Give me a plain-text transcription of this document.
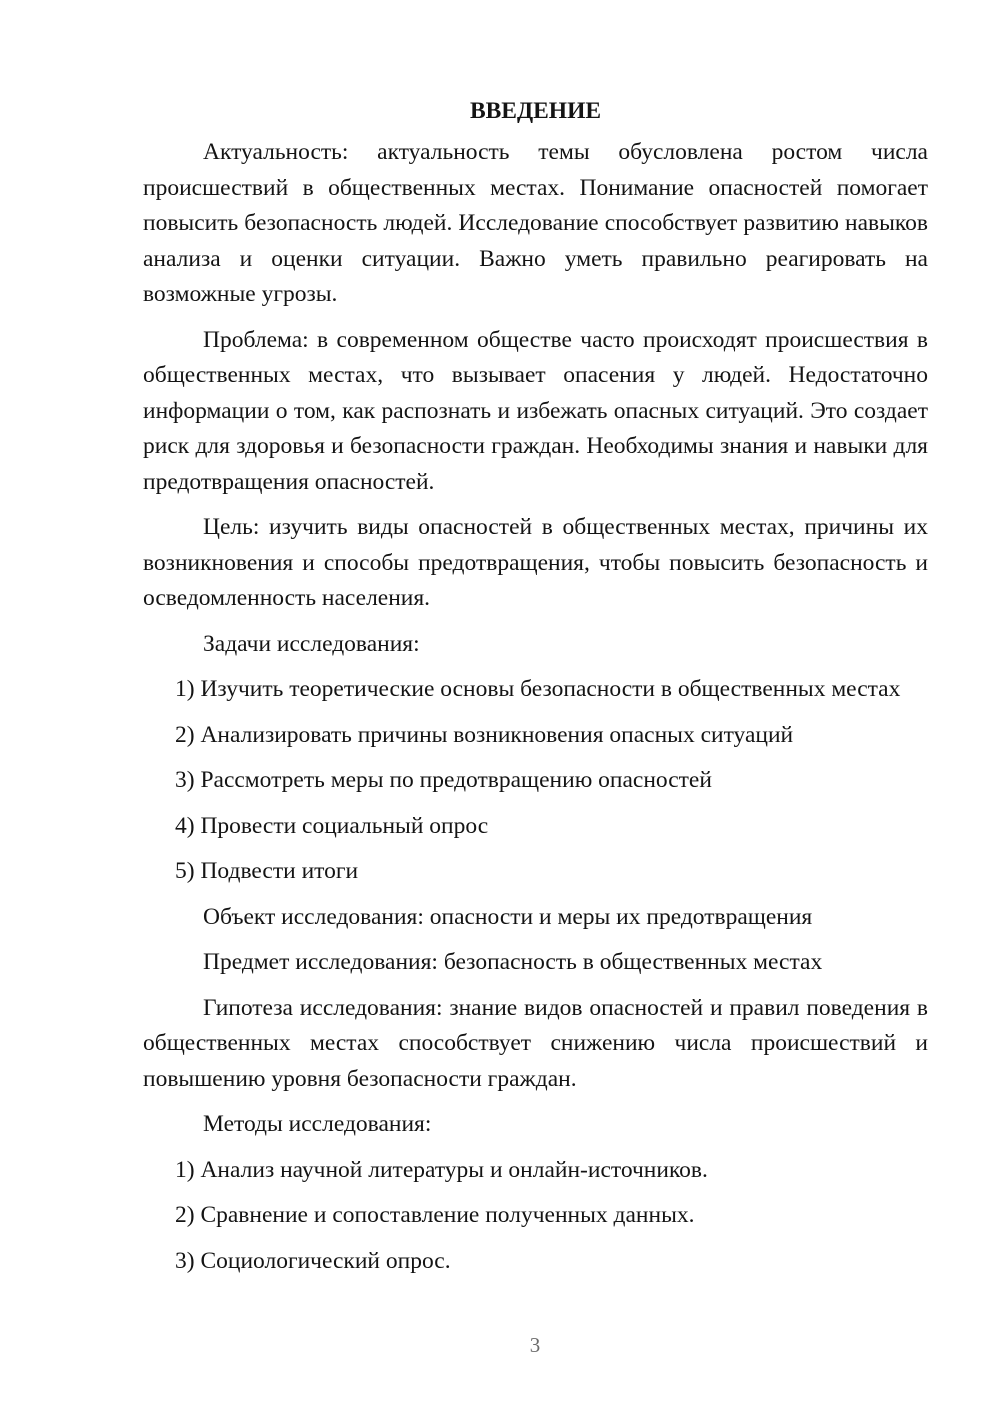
ВВЕДЕНИЕ

Актуальность: актуальность темы обусловлена ростом числа происшествий в общественных местах. Понимание опасностей помогает повысить безопасность людей. Исследование способствует развитию навыков анализа и оценки ситуации. Важно уметь правильно реагировать на возможные угрозы.

Проблема: в современном обществе часто происходят происшествия в общественных местах, что вызывает опасения у людей. Недостаточно информации о том, как распознать и избежать опасных ситуаций. Это создает риск для здоровья и безопасности граждан. Необходимы знания и навыки для предотвращения опасностей.

Цель: изучить виды опасностей в общественных местах, причины их возникновения и способы предотвращения, чтобы повысить безопасность и осведомленность населения.

Задачи исследования:

1) Изучить теоретические основы безопасности в общественных местах

2) Анализировать причины возникновения опасных ситуаций

3) Рассмотреть меры по предотвращению опасностей

4) Провести социальный опрос

5) Подвести итоги

Объект исследования: опасности и меры их предотвращения

Предмет исследования: безопасность в общественных местах

Гипотеза исследования: знание видов опасностей и правил поведения в общественных местах способствует снижению числа происшествий и повышению уровня безопасности граждан.

Методы исследования:

1) Анализ научной литературы и онлайн-источников.

2) Сравнение и сопоставление полученных данных.

3) Социологический опрос.

3
